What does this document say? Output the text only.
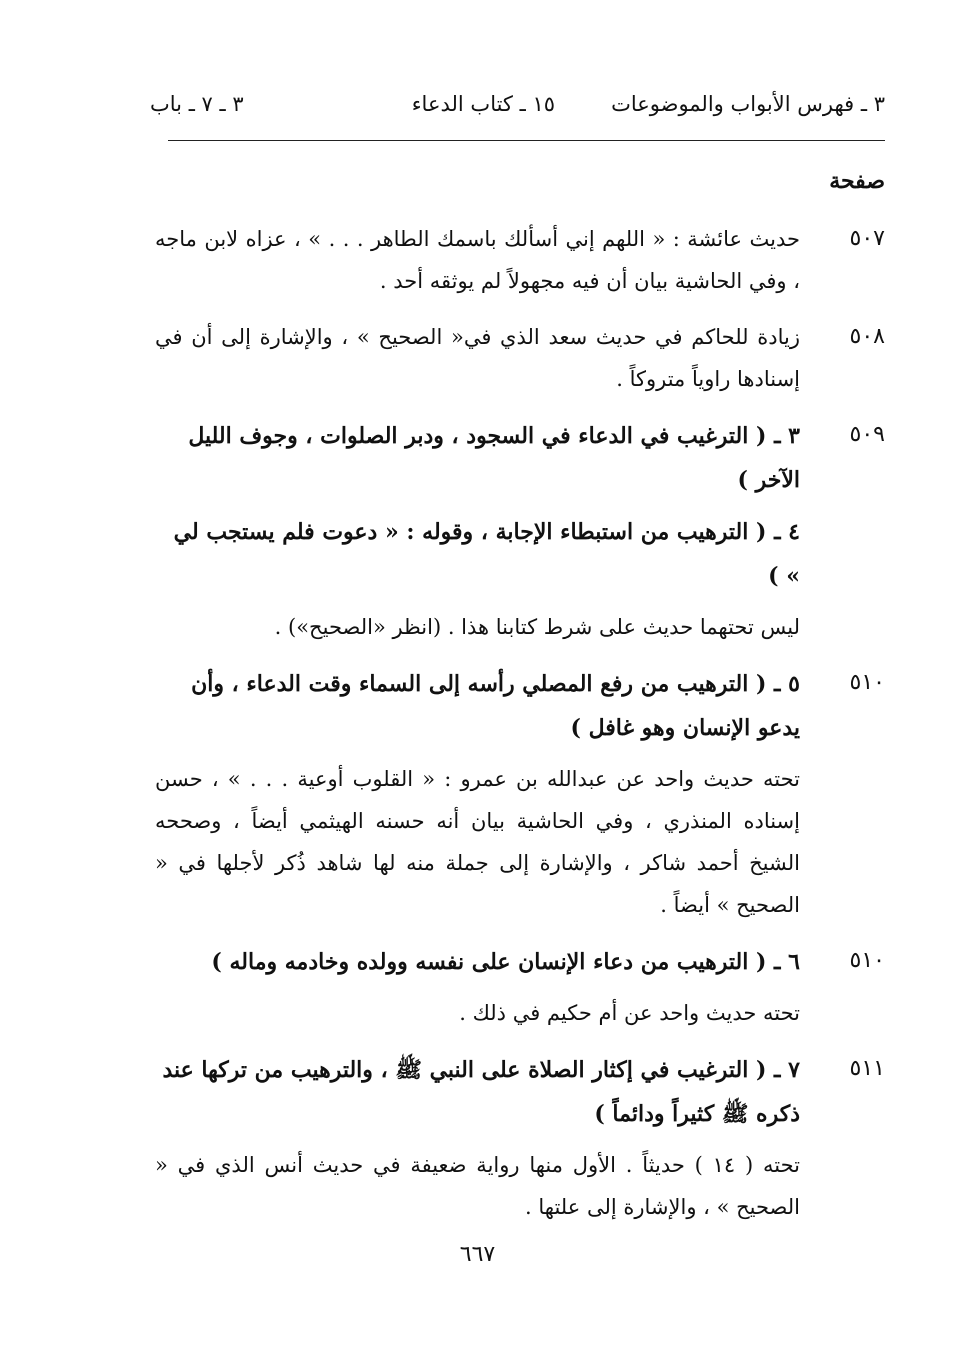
٣ ـ فهرس الأبواب والموضوعات
١٥ ـ كتاب الدعاء
٣ ـ ٧ ـ باب
صفحة
٥٠٧
حديث عائشة : « اللهم إني أسألك باسمك الطاهر . . . » ، عزاه لابن ماجه ، وفي الحاشية بيان أن فيه مجهولاً لم يوثقه أحد .
٥٠٨
زيادة للحاكم في حديث سعد الذي في« الصحيح » ، والإشارة إلى أن في إسنادها راوياً متروكاً .
٥٠٩
٣ ـ ( الترغيب في الدعاء في السجود ، ودبر الصلوات ، وجوف الليل الآخر )
٤ ـ ( الترهيب من استبطاء الإجابة ، وقوله : « دعوت فلم يستجب لي » )
ليس تحتهما حديث على شرط كتابنا هذا . (انظر «الصحيح») .
٥١٠
٥ ـ ( الترهيب من رفع المصلي رأسه إلى السماء وقت الدعاء ، وأن يدعو الإنسان وهو غافل )
تحته حديث واحد عن عبدالله بن عمرو : « القلوب أوعية . . . » ، حسن إسناده المنذري ، وفي الحاشية بيان أنه حسنه الهيثمي أيضاً ، وصححه الشيخ أحمد شاكر ، والإشارة إلى جملة منه لها شاهد ذُكر لأجلها في « الصحيح » أيضاً .
٥١٠
٦ ـ ( الترهيب من دعاء الإنسان على نفسه وولده وخادمه وماله )
تحته حديث واحد عن أم حكيم في ذلك .
٥١١
٧ ـ ( الترغيب في إكثار الصلاة على النبي ﷺ ، والترهيب من تركها عند ذكره ﷺ كثيراً ودائماً )
تحته ( ١٤ ) حديثاً . الأول منها رواية ضعيفة في حديث أنس الذي في « الصحيح » ، والإشارة إلى علتها .
٦٦٧
